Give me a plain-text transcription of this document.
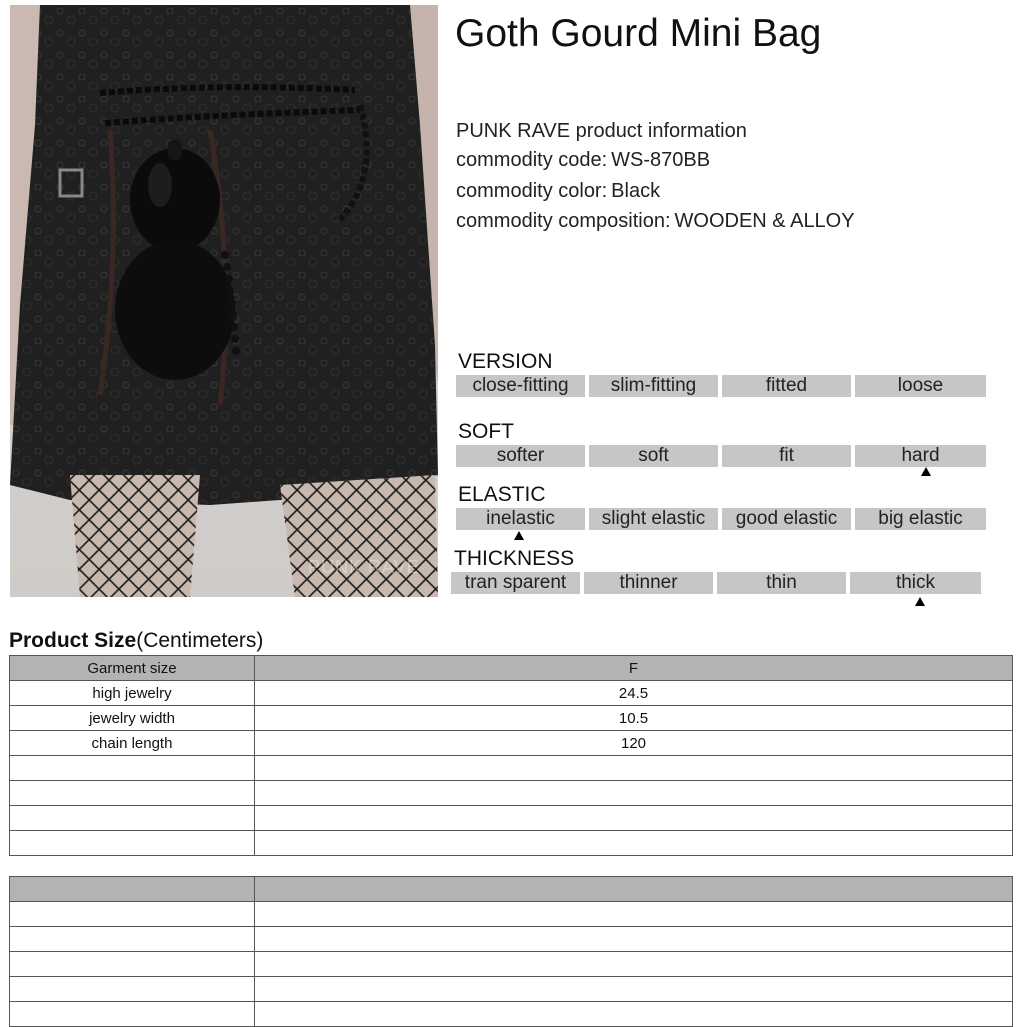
PUNK RAVE
Goth Gourd Mini Bag
PUNK RAVE product information
commodity code: WS-870BB
commodity color: Black
commodity composition: WOODEN & ALLOY
VERSION
close-fitting	slim-fitting	fitted	loose
SOFT
softer	soft	fit	hard
ELASTIC
inelastic	slight elastic	good elastic	big elastic
THICKNESS
tran sparent	thinner	thin	thick
Product Size(Centimeters)
Garment size	F
high jewelry	24.5
jewelry width	10.5
chain length	120
